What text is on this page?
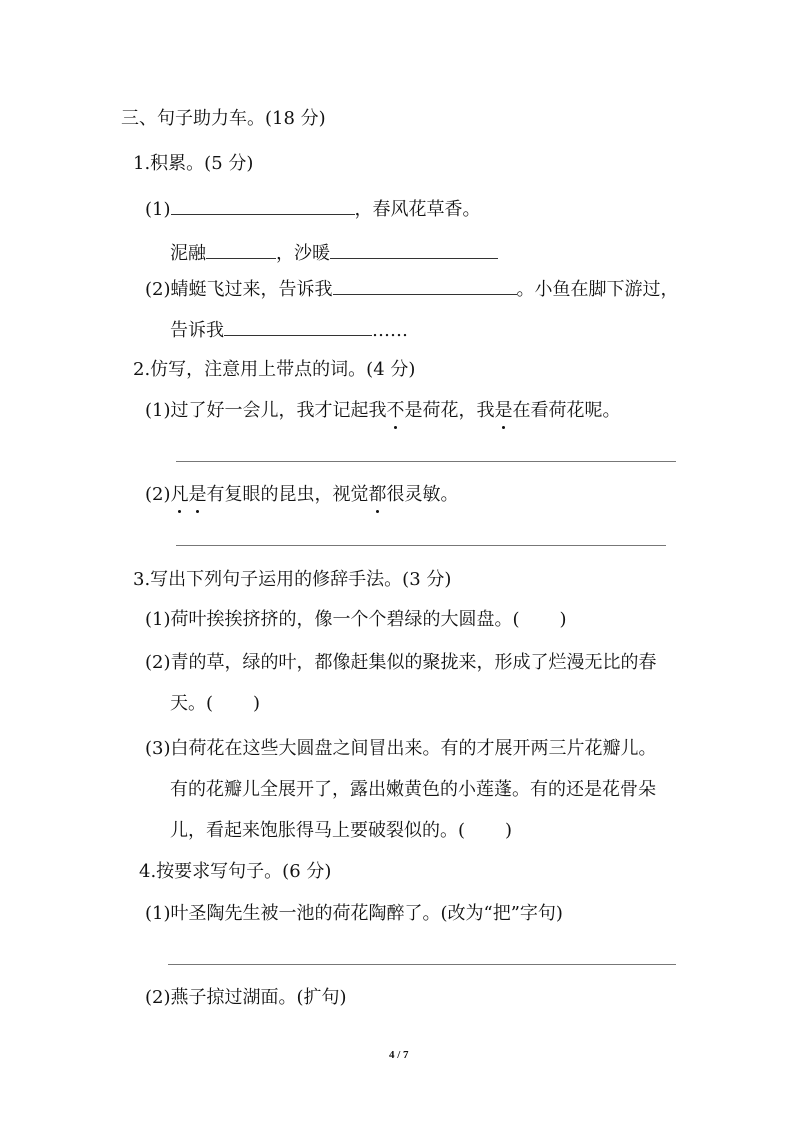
三、句子助力车。(18 分)
1.积累。(5 分)
(1)	，春风花草香。
泥融	，沙暖
(2)蜻蜓飞过来，告诉我	。小鱼在脚下游过，
告诉我	……
2.仿写，注意用上带点的词。(4 分)
(1)过了好一会儿，我才记起我不是荷花，我是在看荷花呢。
(2)凡是有复眼的昆虫，视觉都很灵敏。
3.写出下列句子运用的修辞手法。(3 分)
(1)荷叶挨挨挤挤的，像一个个碧绿的大圆盘。( )
(2)青的草，绿的叶，都像赶集似的聚拢来，形成了烂漫无比的春
天。( )
(3)白荷花在这些大圆盘之间冒出来。有的才展开两三片花瓣儿。
有的花瓣儿全展开了，露出嫩黄色的小莲蓬。有的还是花骨朵
儿，看起来饱胀得马上要破裂似的。( )
4.按要求写句子。(6 分)
(1)叶圣陶先生被一池的荷花陶醉了。(改为“把”字句)
(2)燕子掠过湖面。(扩句)
4 / 7
